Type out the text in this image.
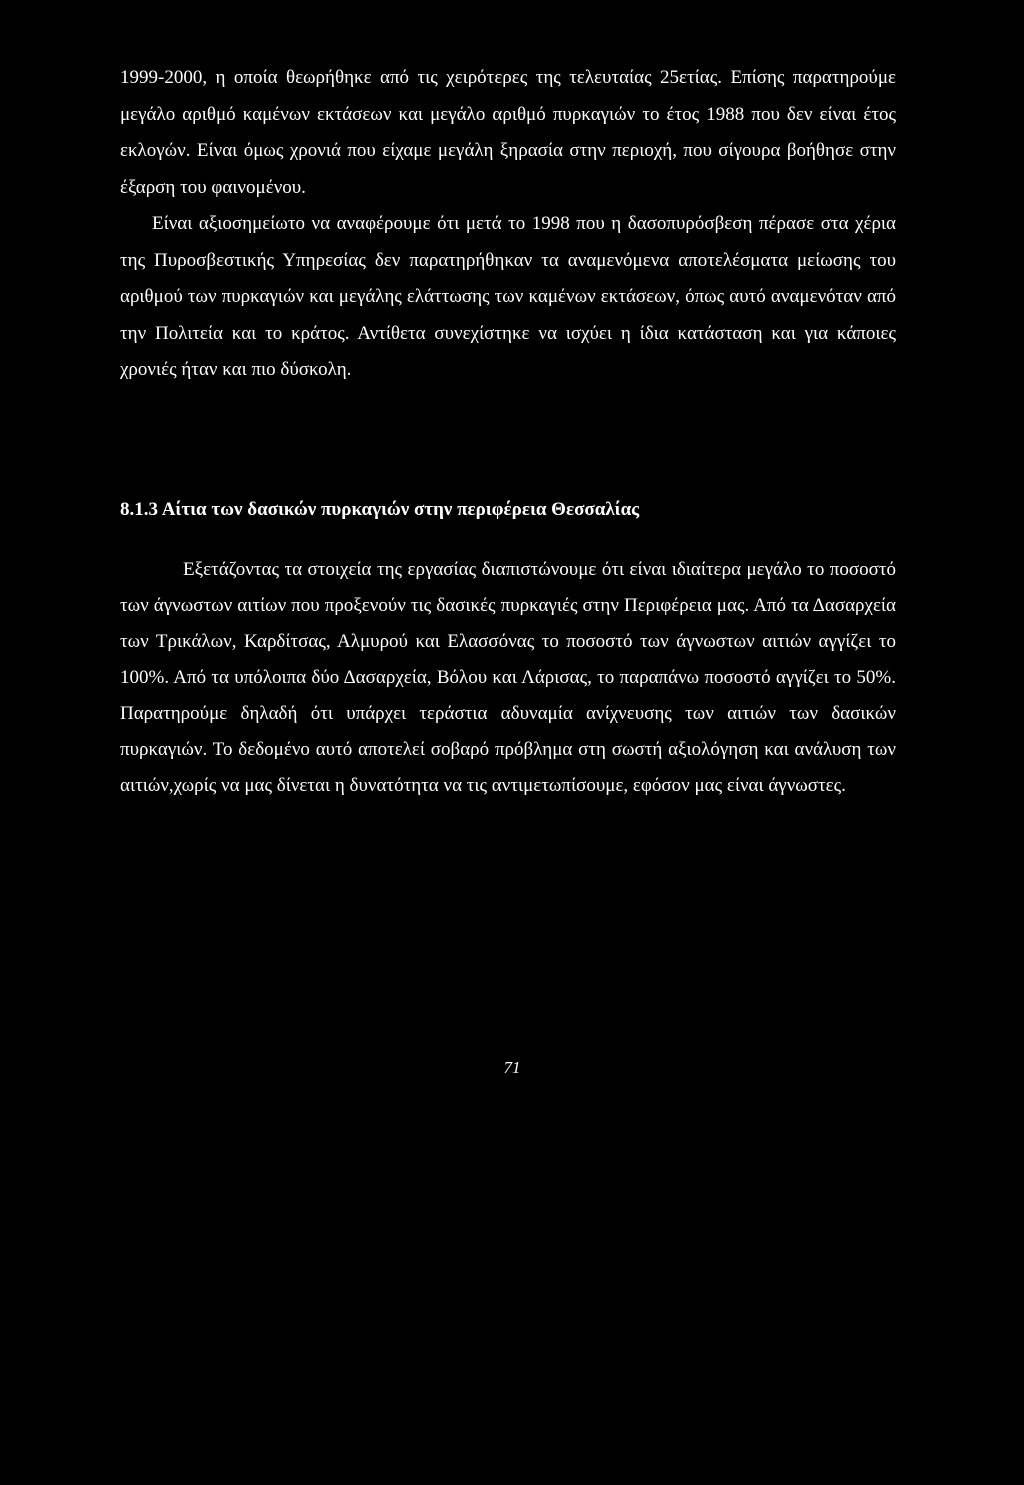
1999-2000, η οποία θεωρήθηκε από τις χειρότερες της τελευταίας 25ετίας. Επίσης παρατηρούμε μεγάλο αριθμό καμένων εκτάσεων και μεγάλο αριθμό πυρκαγιών το έτος 1988 που δεν είναι έτος εκλογών. Είναι όμως χρονιά που είχαμε μεγάλη ξηρασία στην περιοχή, που σίγουρα βοήθησε στην έξαρση του φαινομένου.

Είναι αξιοσημείωτο να αναφέρουμε ότι μετά το 1998 που η δασοπυρόσβεση πέρασε στα χέρια της Πυροσβεστικής Υπηρεσίας δεν παρατηρήθηκαν τα αναμενόμενα αποτελέσματα μείωσης του αριθμού των πυρκαγιών και μεγάλης ελάττωσης των καμένων εκτάσεων, όπως αυτό αναμενόταν από την Πολιτεία και το κράτος. Αντίθετα συνεχίστηκε να ισχύει η ίδια κατάσταση και για κάποιες χρονιές ήταν και πιο δύσκολη.

8.1.3 Αίτια των δασικών πυρκαγιών στην περιφέρεια Θεσσαλίας

Εξετάζοντας τα στοιχεία της εργασίας διαπιστώνουμε ότι είναι ιδιαίτερα μεγάλο το ποσοστό των άγνωστων αιτίων που προξενούν τις δασικές πυρκαγιές στην Περιφέρεια μας. Από τα Δασαρχεία των Τρικάλων, Καρδίτσας, Αλμυρού και Ελασσόνας το ποσοστό των άγνωστων αιτιών αγγίζει το 100%. Από τα υπόλοιπα δύο Δασαρχεία, Βόλου και Λάρισας, το παραπάνω ποσοστό αγγίζει το 50%. Παρατηρούμε δηλαδή ότι υπάρχει τεράστια αδυναμία ανίχνευσης των αιτιών των δασικών πυρκαγιών. Το δεδομένο αυτό αποτελεί σοβαρό πρόβλημα στη σωστή αξιολόγηση και ανάλυση των αιτιών,χωρίς να μας δίνεται η δυνατότητα να τις αντιμετωπίσουμε, εφόσον μας είναι άγνωστες.

71
